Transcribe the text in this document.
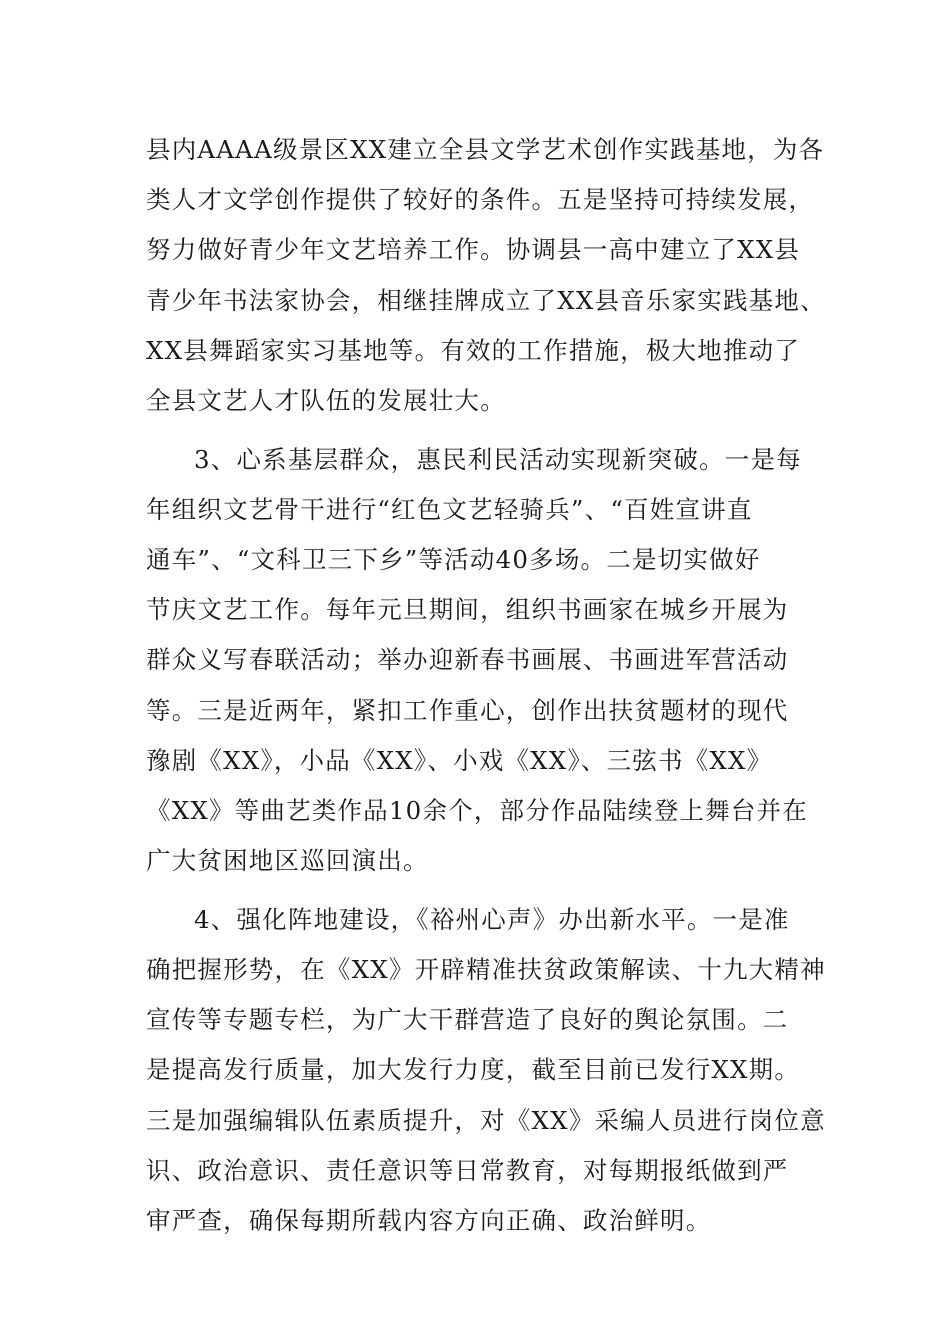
县内AAAA级景区XX建立全县文学艺术创作实践基地，为各
类人才文学创作提供了较好的条件。五是坚持可持续发展，
努力做好青少年文艺培养工作。协调县一高中建立了XX县
青少年书法家协会，相继挂牌成立了XX县音乐家实践基地、
XX县舞蹈家实习基地等。有效的工作措施，极大地推动了
全县文艺人才队伍的发展壮大。
3、心系基层群众，惠民利民活动实现新突破。一是每
年组织文艺骨干进行“红色文艺轻骑兵”、“百姓宣讲直
通车”、“文科卫三下乡”等活动40多场。二是切实做好
节庆文艺工作。每年元旦期间，组织书画家在城乡开展为
群众义写春联活动；举办迎新春书画展、书画进军营活动
等。三是近两年，紧扣工作重心，创作出扶贫题材的现代
豫剧《XX》，小品《XX》、小戏《XX》、三弦书《XX》
《XX》等曲艺类作品10余个，部分作品陆续登上舞台并在
广大贫困地区巡回演出。
4、强化阵地建设，《裕州心声》办出新水平。一是准
确把握形势，在《XX》开辟精准扶贫政策解读、十九大精神
宣传等专题专栏，为广大干群营造了良好的舆论氛围。二
是提高发行质量，加大发行力度，截至目前已发行XX期。
三是加强编辑队伍素质提升，对《XX》采编人员进行岗位意
识、政治意识、责任意识等日常教育，对每期报纸做到严
审严查，确保每期所载内容方向正确、政治鲜明。
